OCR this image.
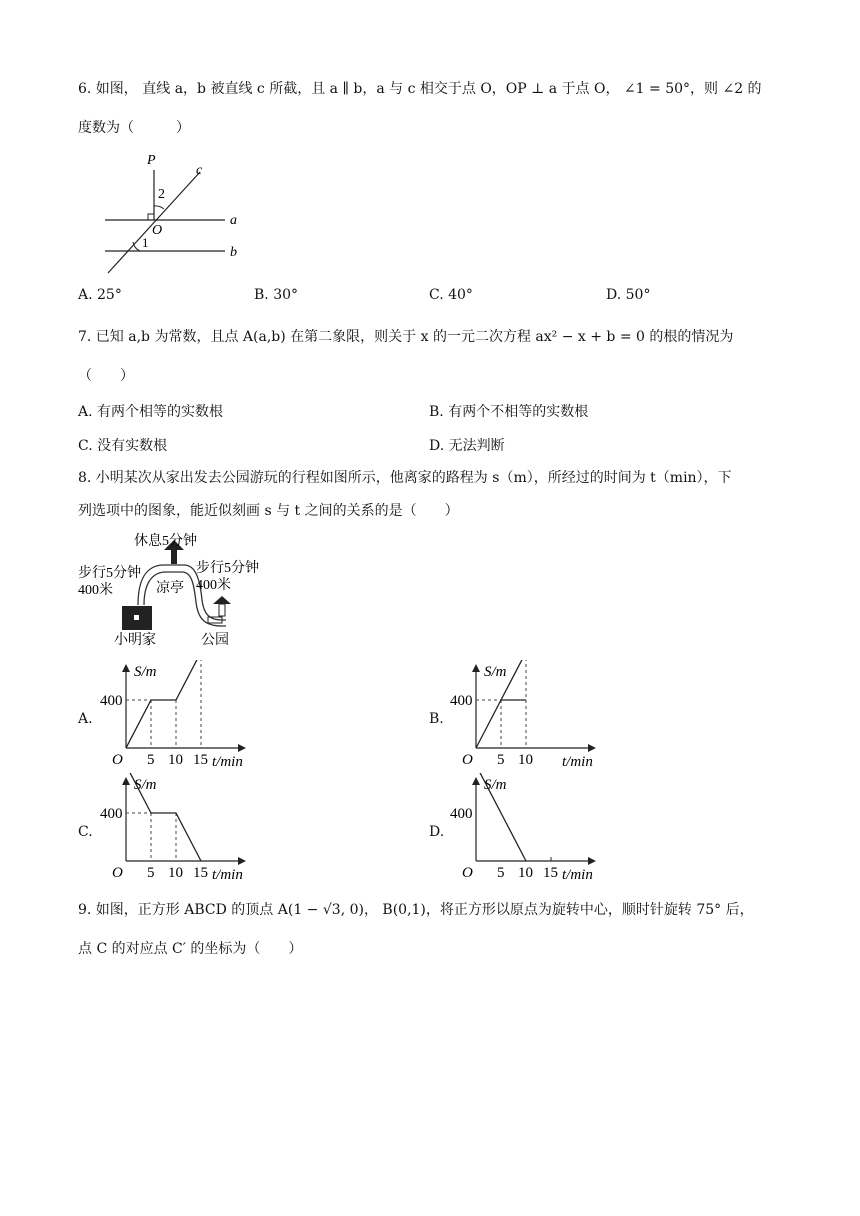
6. 如图， 直线 a，b 被直线 c 所截，且 a ∥ b，a 与 c 相交于点 O，OP ⊥ a 于点 O， ∠1 = 50°，则 ∠2 的
度数为（　　　）
P
c
2
O
a
1
b
A. 25°	B. 30°	C. 40°	D. 50°
7. 已知 a,b 为常数，且点 A(a,b) 在第二象限，则关于 x 的一元二次方程 ax² − x + b = 0 的根的情况为
（　　）
A. 有两个相等的实数根	B. 有两个不相等的实数根
C. 没有实数根	D. 无法判断
8. 小明某次从家出发去公园游玩的行程如图所示，他离家的路程为 s（m），所经过的时间为 t（min），下
列选项中的图象，能近似刻画 s 与 t 之间的关系的是（　　）
休息5分钟
步行5分钟
400米
步行5分钟
400米
凉亭
小明家	公园
A.	B.
C.	D.
S/m
t/min
O
400
5 10 15
S/m
t/min
O
400
5 10
S/m
t/min
O
400
5 10 15
S/m
t/min
O
400
5 10 15
9. 如图，正方形 ABCD 的顶点 A(1 − √3, 0)， B(0,1)，将正方形以原点为旋转中心，顺时针旋转 75° 后，
点 C 的对应点 C′ 的坐标为（　　）
